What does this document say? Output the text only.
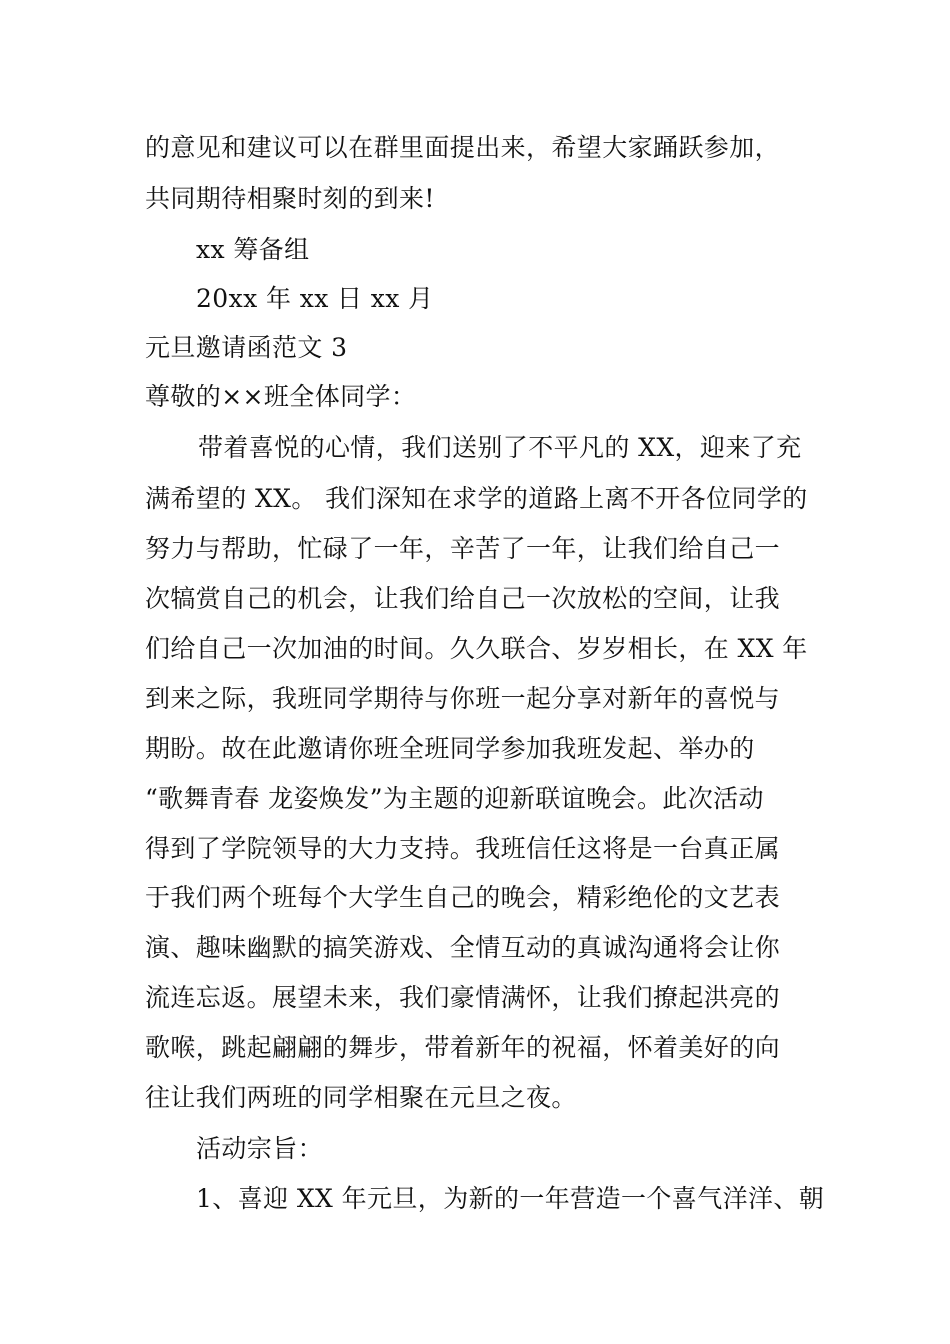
的意见和建议可以在群里面提出来，希望大家踊跃参加，
共同期待相聚时刻的到来!
xx 筹备组
20xx 年 xx 日 xx 月
元旦邀请函范文 3
尊敬的××班全体同学：
带着喜悦的心情，我们送别了不平凡的 XX，迎来了充
满希望的 XX。 我们深知在求学的道路上离不开各位同学的
努力与帮助，忙碌了一年，辛苦了一年，让我们给自己一
次犒赏自己的机会，让我们给自己一次放松的空间，让我
们给自己一次加油的时间。久久联合、岁岁相长，在 XX 年
到来之际，我班同学期待与你班一起分享对新年的喜悦与
期盼。故在此邀请你班全班同学参加我班发起、举办的
“歌舞青春 龙姿焕发”为主题的迎新联谊晚会。此次活动
得到了学院领导的大力支持。我班信任这将是一台真正属
于我们两个班每个大学生自己的晚会，精彩绝伦的文艺表
演、趣味幽默的搞笑游戏、全情互动的真诚沟通将会让你
流连忘返。展望未来，我们豪情满怀，让我们撩起洪亮的
歌喉，跳起翩翩的舞步，带着新年的祝福，怀着美好的向
往让我们两班的同学相聚在元旦之夜。
活动宗旨：
1、喜迎 XX 年元旦，为新的一年营造一个喜气洋洋、朝
